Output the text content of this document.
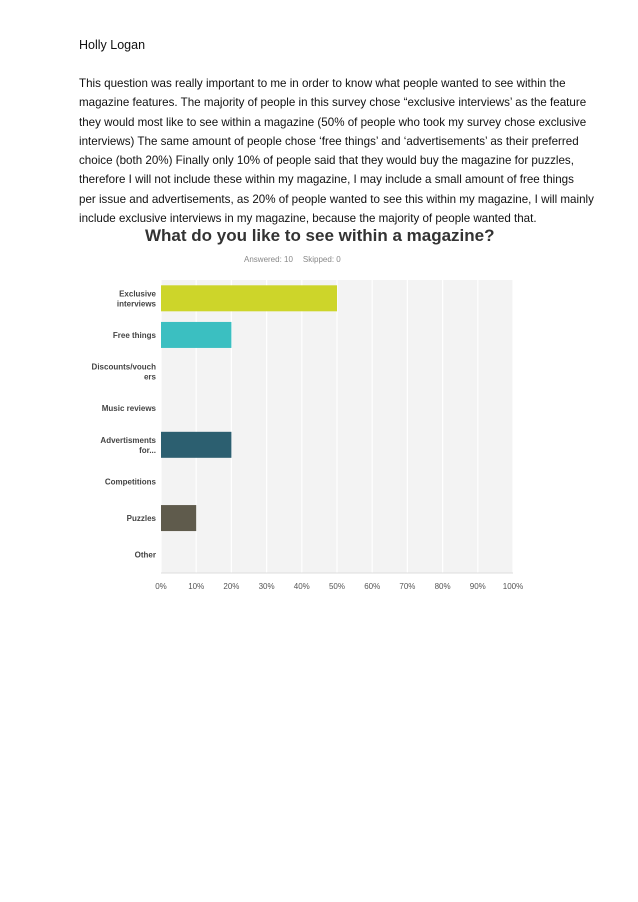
Holly Logan
This question was really important to me in order to know what people wanted to see within the
magazine features. The majority of people in this survey chose “exclusive interviews’ as the feature
they would most like to see within a magazine (50% of people who took my survey chose exclusive
interviews) The same amount of people chose ‘free things’ and ‘advertisements’ as their preferred
choice (both 20%) Finally only 10% of people said that they would buy the magazine for puzzles,
therefore I will not include these within my magazine, I may include a small amount of free things
per issue and advertisements, as 20% of people wanted to see this within my magazine, I will mainly
include exclusive interviews in my magazine, because the majority of people wanted that.
What do you like to see within a magazine?
Answered: 10 Skipped: 0
0%	10% 20% 30% 40% 50% 60% 70% 80% 90% 100%
Exclusive
interviews
Free things
Discounts/vouch
ers
Music reviews
Advertisments
for...
Competitions
Puzzles
Other
